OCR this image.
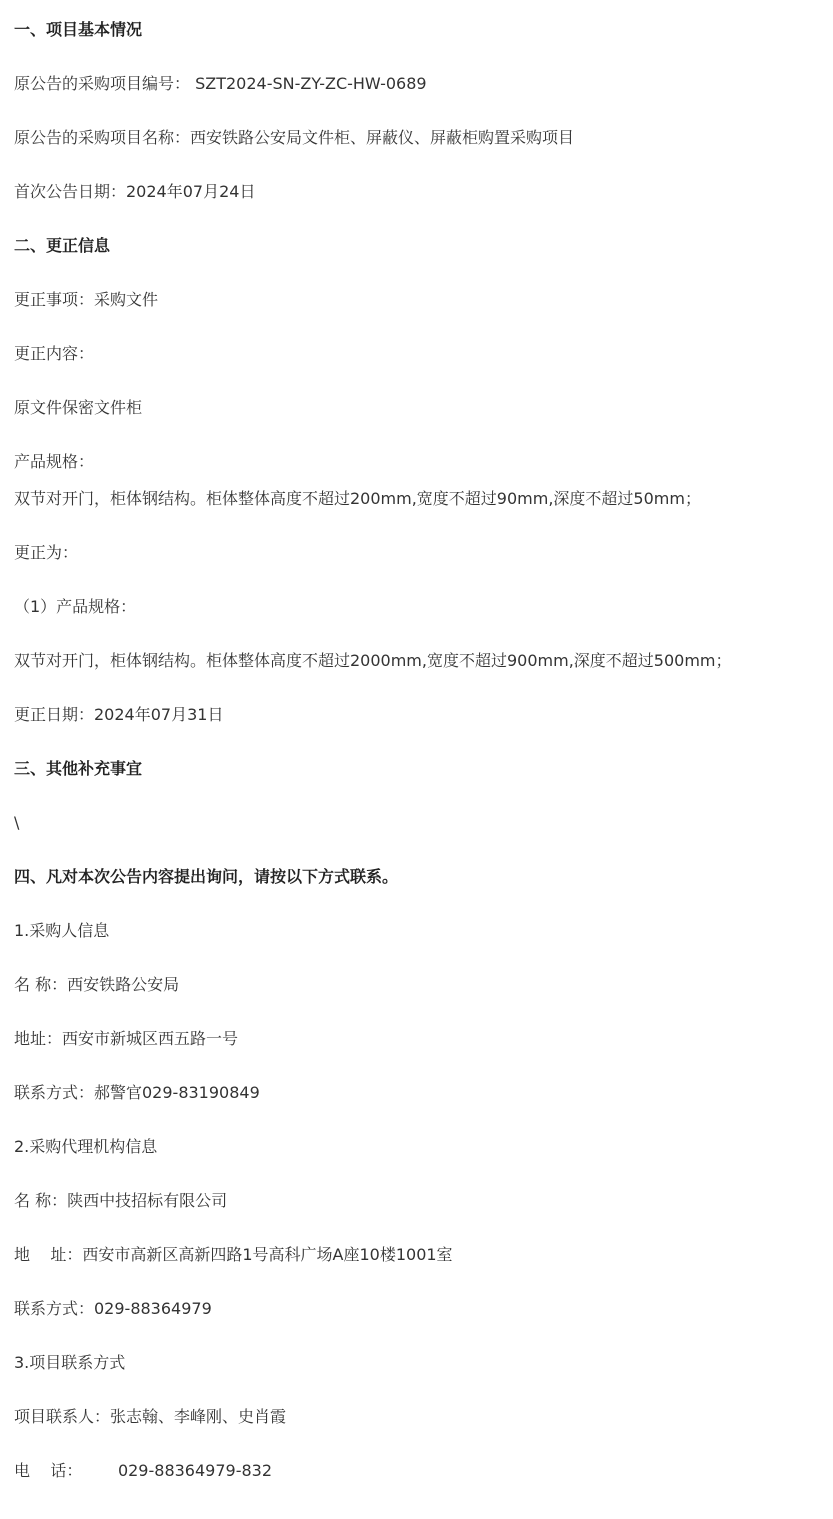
一、项目基本情况
原公告的采购项目编号： SZT2024-SN-ZY-ZC-HW-0689
原公告的采购项目名称：西安铁路公安局文件柜、屏蔽仪、屏蔽柜购置采购项目
首次公告日期：2024年07月24日
二、更正信息
更正事项：采购文件
更正内容：
原文件保密文件柜
产品规格：
双节对开门，柜体钢结构。柜体整体高度不超过200mm,宽度不超过90mm,深度不超过50mm；
更正为：
（1）产品规格：
双节对开门，柜体钢结构。柜体整体高度不超过2000mm,宽度不超过900mm,深度不超过500mm；
更正日期：2024年07月31日
三、其他补充事宜
\
四、凡对本次公告内容提出询问，请按以下方式联系。
1.采购人信息
名 称：西安铁路公安局
地址：西安市新城区西五路一号
联系方式：郝警官029-83190849
2.采购代理机构信息
名 称：陕西中技招标有限公司
地    址：西安市高新区高新四路1号高科广场A座10楼1001室
联系方式：029-88364979
3.项目联系方式
项目联系人：张志翰、李峰刚、史肖霞
电    话：       029-88364979-832
